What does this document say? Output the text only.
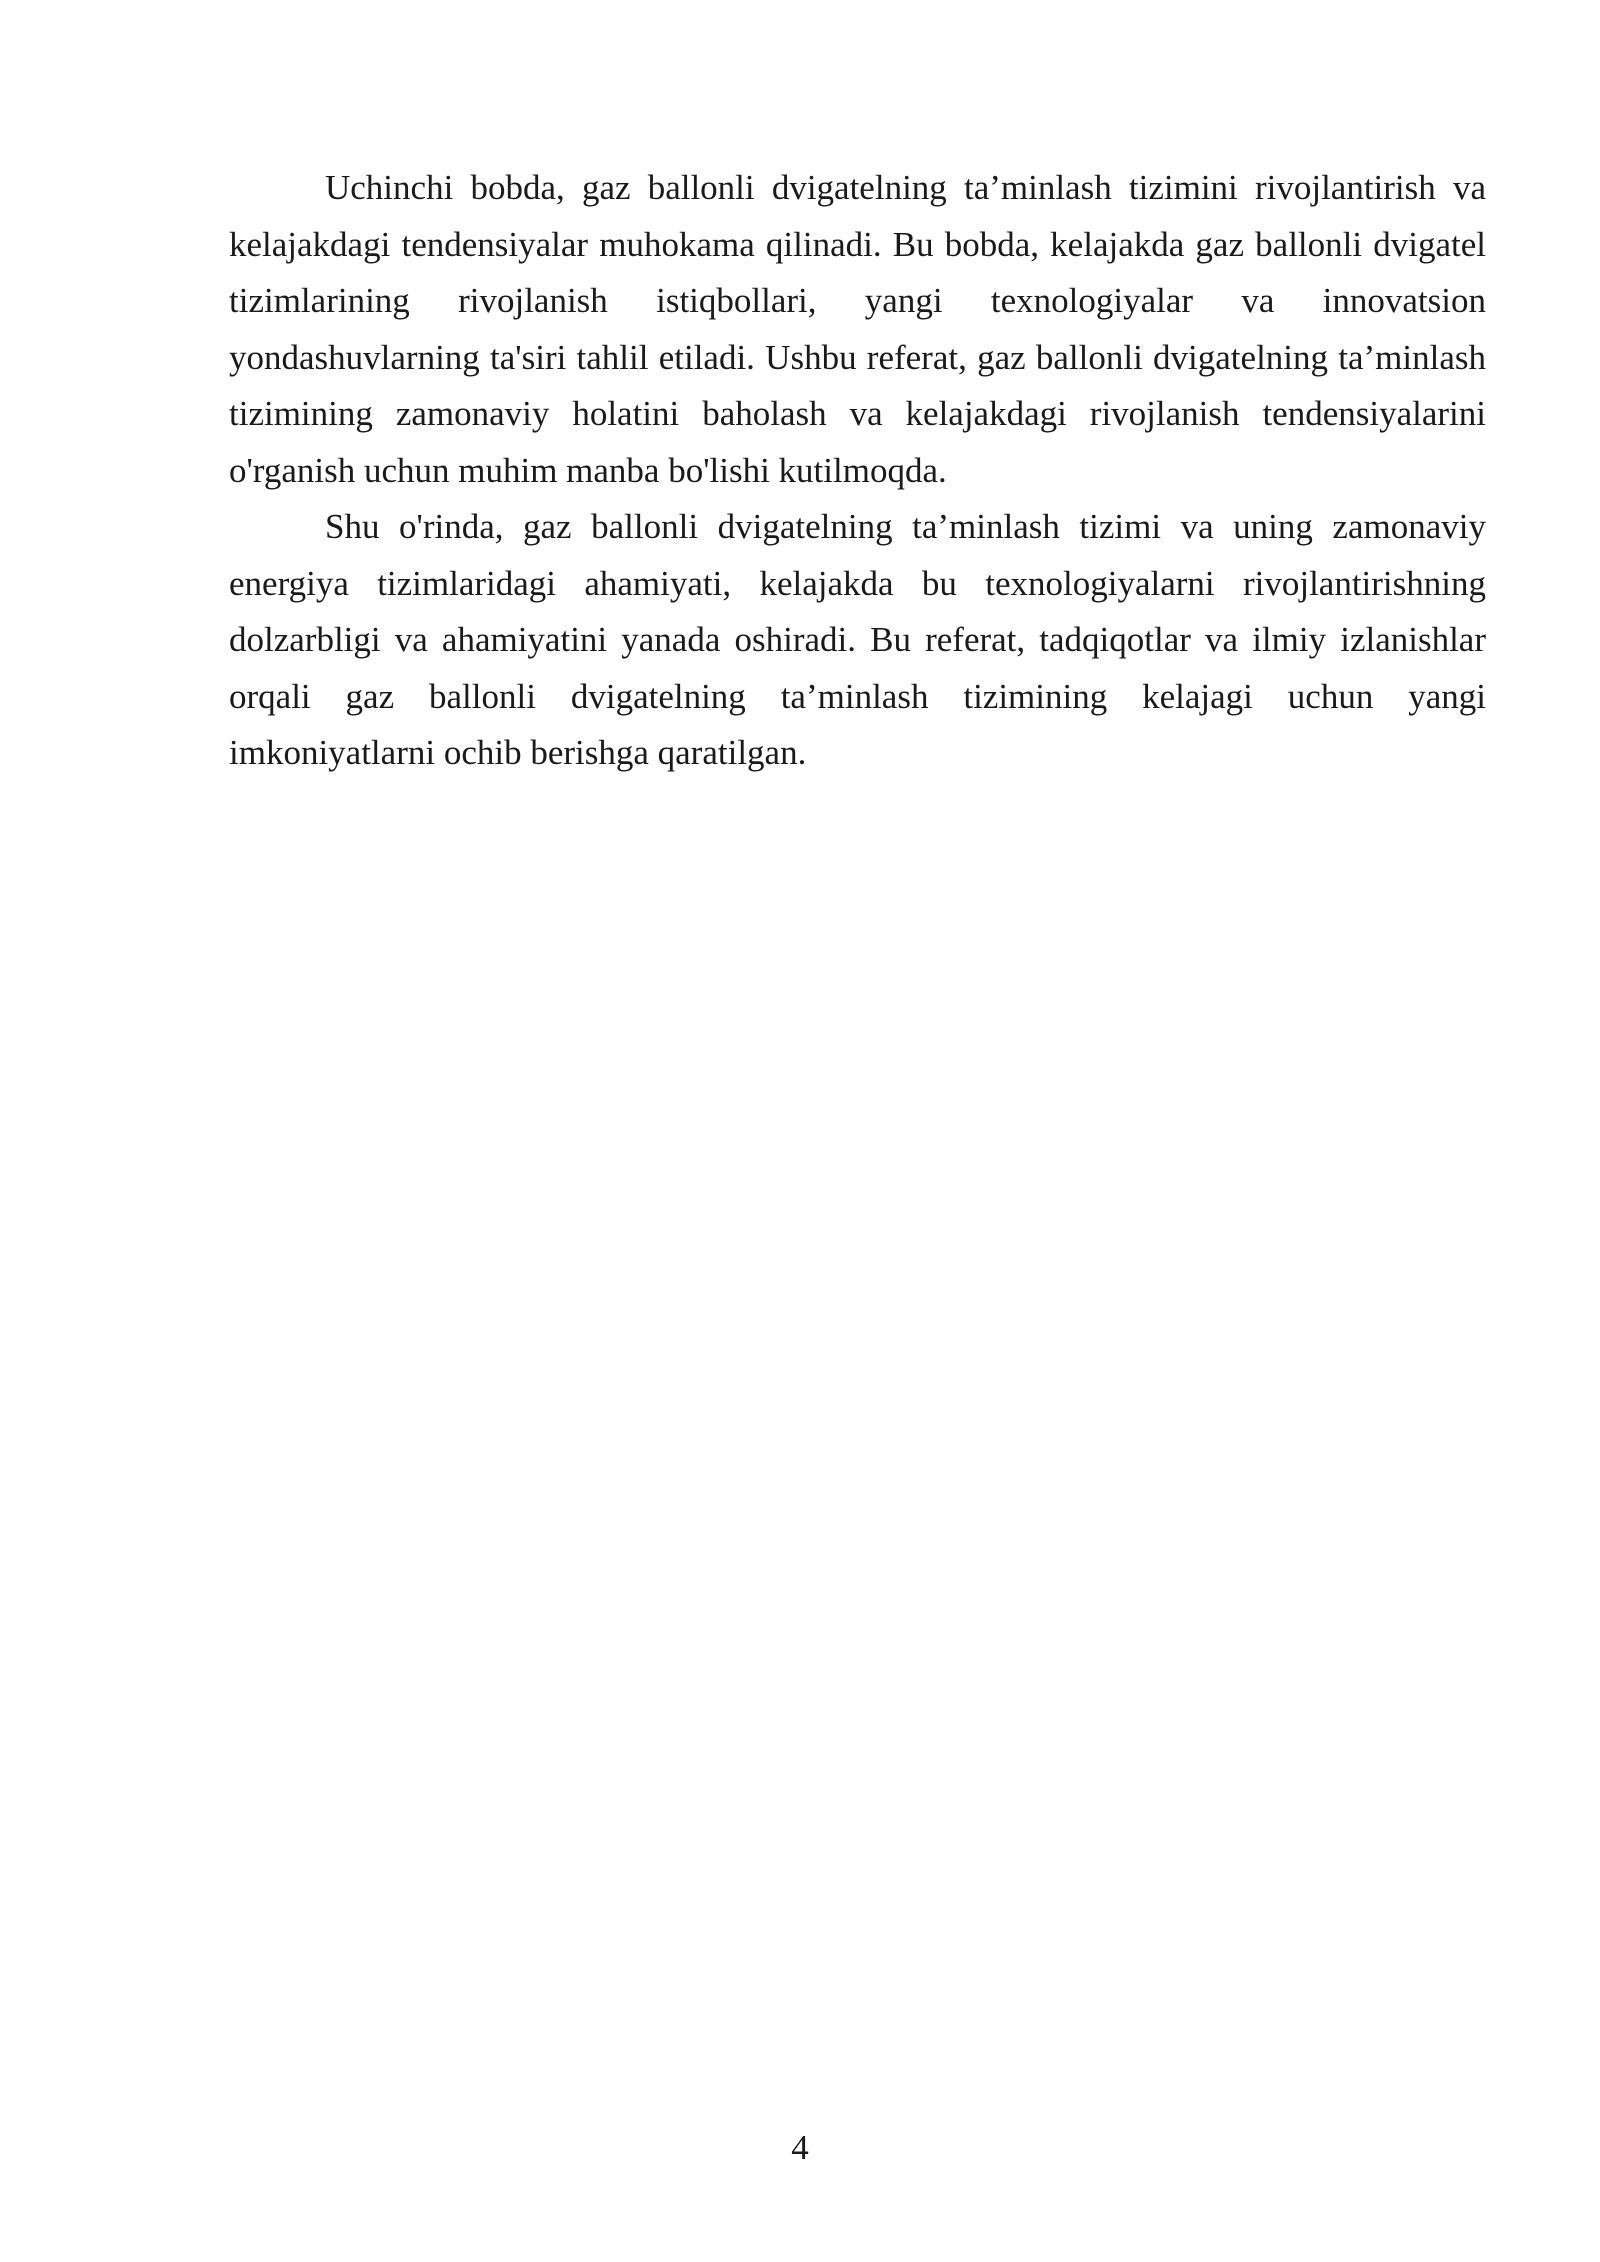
Uchinchi bobda, gaz ballonli dvigatelning ta’minlash tizimini rivojlantirish va kelajakdagi tendensiyalar muhokama qilinadi. Bu bobda, kelajakda gaz ballonli dvigatel tizimlarining rivojlanish istiqbollari, yangi texnologiyalar va innovatsion yondashuvlarning ta'siri tahlil etiladi. Ushbu referat, gaz ballonli dvigatelning ta’minlash tizimining zamonaviy holatini baholash va kelajakdagi rivojlanish tendensiyalarini o'rganish uchun muhim manba bo'lishi kutilmoqda.

Shu o'rinda, gaz ballonli dvigatelning ta’minlash tizimi va uning zamonaviy energiya tizimlaridagi ahamiyati, kelajakda bu texnologiyalarni rivojlantirishning dolzarbligi va ahamiyatini yanada oshiradi. Bu referat, tadqiqotlar va ilmiy izlanishlar orqali gaz ballonli dvigatelning ta’minlash tizimining kelajagi uchun yangi imkoniyatlarni ochib berishga qaratilgan.

4
